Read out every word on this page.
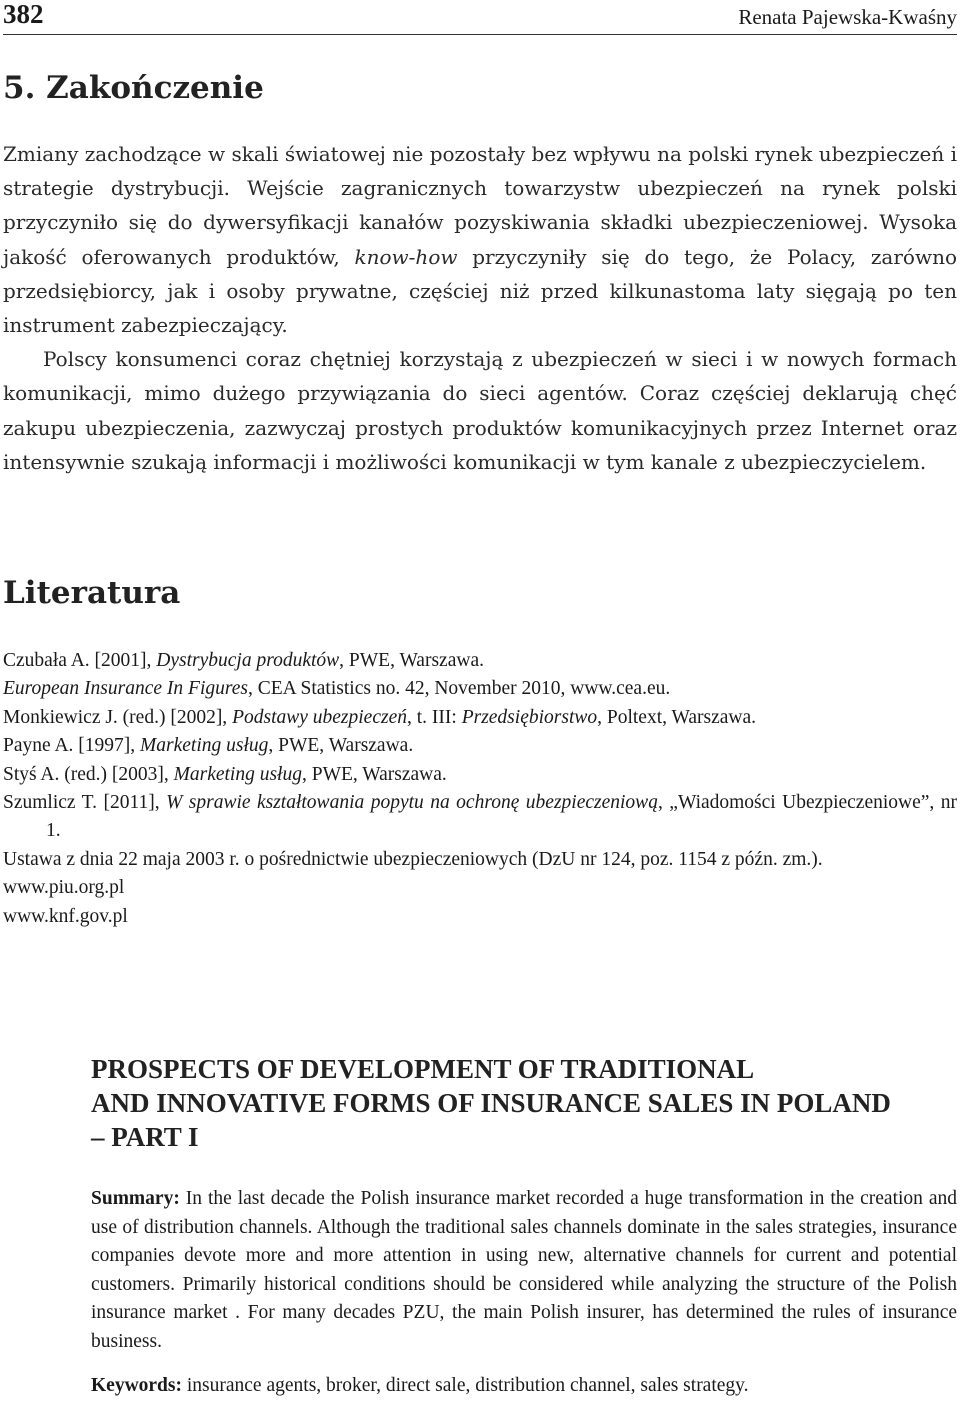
382	Renata Pajewska-Kwaśny
5. Zakończenie

Zmiany zachodzące w skali światowej nie pozostały bez wpływu na polski rynek ubezpieczeń i strategie dystrybucji. Wejście zagranicznych towarzystw ubezpieczeń na rynek polski przyczyniło się do dywersyfikacji kanałów pozyskiwania składki ubezpieczeniowej. Wysoka jakość oferowanych produktów, know-how przyczyniły się do tego, że Polacy, zarówno przedsiębiorcy, jak i osoby prywatne, częściej niż przed kilkunastoma laty sięgają po ten instrument zabezpieczający.

Polscy konsumenci coraz chętniej korzystają z ubezpieczeń w sieci i w nowych formach komunikacji, mimo dużego przywiązania do sieci agentów. Coraz częściej deklarują chęć zakupu ubezpieczenia, zazwyczaj prostych produktów komunikacyjnych przez Internet oraz intensywnie szukają informacji i możliwości komunikacji w tym kanale z ubezpieczycielem.

Literatura
Czubała A. [2001], Dystrybucja produktów, PWE, Warszawa.
European Insurance In Figures, CEA Statistics no. 42, November 2010, www.cea.eu.
Monkiewicz J. (red.) [2002], Podstawy ubezpieczeń, t. III: Przedsiębiorstwo, Poltext, Warszawa.
Payne A. [1997], Marketing usług, PWE, Warszawa.
Styś A. (red.) [2003], Marketing usług, PWE, Warszawa.
Szumlicz T. [2011], W sprawie kształtowania popytu na ochronę ubezpieczeniową, „Wiadomości Ubezpieczeniowe”, nr 1.
Ustawa z dnia 22 maja 2003 r. o pośrednictwie ubezpieczeniowych (DzU nr 124, poz. 1154 z późn. zm.).
www.piu.org.pl
www.knf.gov.pl
PROSPECTS OF DEVELOPMENT OF TRADITIONAL
AND INNOVATIVE FORMS OF INSURANCE SALES IN POLAND
– PART I

Summary: In the last decade the Polish insurance market recorded a huge transformation in the creation and use of distribution channels. Although the traditional sales channels dominate in the sales strategies, insurance companies devote more and more attention in using new, alternative channels for current and potential customers. Primarily historical conditions should be considered while analyzing the structure of the Polish insurance market . For many decades PZU, the main Polish insurer, has determined the rules of insurance business.

Keywords: insurance agents, broker, direct sale, distribution channel, sales strategy.
